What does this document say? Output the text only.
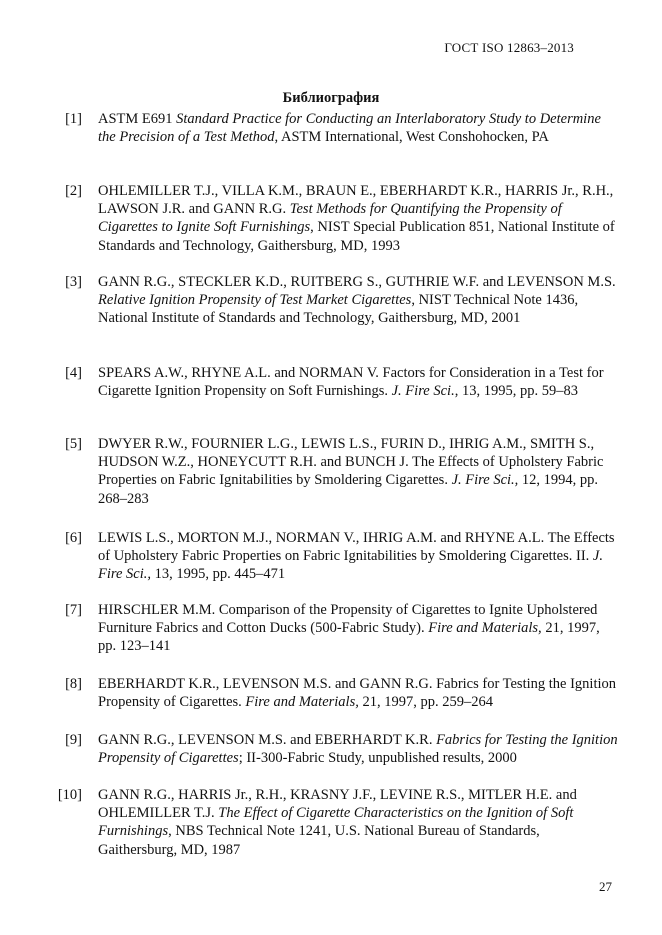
ГОСТ ISO 12863–2013
Библиография
[1] ASTM E691 Standard Practice for Conducting an Interlaboratory Study to Determine the Precision of a Test Method, ASTM International, West Conshohocken, PA
[2] OHLEMILLER T.J., VILLA K.M., BRAUN E., EBERHARDT K.R., HARRIS Jr., R.H., LAWSON J.R. and GANN R.G. Test Methods for Quantifying the Propensity of Cigarettes to Ignite Soft Furnishings, NIST Special Publication 851, National Institute of Standards and Technology, Gaithersburg, MD, 1993
[3] GANN R.G., STECKLER K.D., RUITBERG S., GUTHRIE W.F. and LEVENSON M.S. Relative Ignition Propensity of Test Market Cigarettes, NIST Technical Note 1436, National Institute of Standards and Technology, Gaithersburg, MD, 2001
[4] SPEARS A.W., RHYNE A.L. and NORMAN V. Factors for Consideration in a Test for Cigarette Ignition Propensity on Soft Furnishings. J. Fire Sci., 13, 1995, pp. 59–83
[5] DWYER R.W., FOURNIER L.G., LEWIS L.S., FURIN D., IHRIG A.M., SMITH S., HUDSON W.Z., HONEYCUTT R.H. and BUNCH J. The Effects of Upholstery Fabric Properties on Fabric Ignitabilities by Smoldering Cigarettes. J. Fire Sci., 12, 1994, pp. 268–283
[6] LEWIS L.S., MORTON M.J., NORMAN V., IHRIG A.M. and RHYNE A.L. The Effects of Upholstery Fabric Properties on Fabric Ignitabilities by Smoldering Cigarettes. II. J. Fire Sci., 13, 1995, pp. 445–471
[7] HIRSCHLER M.M. Comparison of the Propensity of Cigarettes to Ignite Upholstered Furniture Fabrics and Cotton Ducks (500-Fabric Study). Fire and Materials, 21, 1997, pp. 123–141
[8] EBERHARDT K.R., LEVENSON M.S. and GANN R.G. Fabrics for Testing the Ignition Propensity of Cigarettes. Fire and Materials, 21, 1997, pp. 259–264
[9] GANN R.G., LEVENSON M.S. and EBERHARDT K.R. Fabrics for Testing the Ignition Propensity of Cigarettes; II-300-Fabric Study, unpublished results, 2000
[10] GANN R.G., HARRIS Jr., R.H., KRASNY J.F., LEVINE R.S., MITLER H.E. and OHLEMILLER T.J. The Effect of Cigarette Characteristics on the Ignition of Soft Furnishings, NBS Technical Note 1241, U.S. National Bureau of Standards, Gaithersburg, MD, 1987
27
